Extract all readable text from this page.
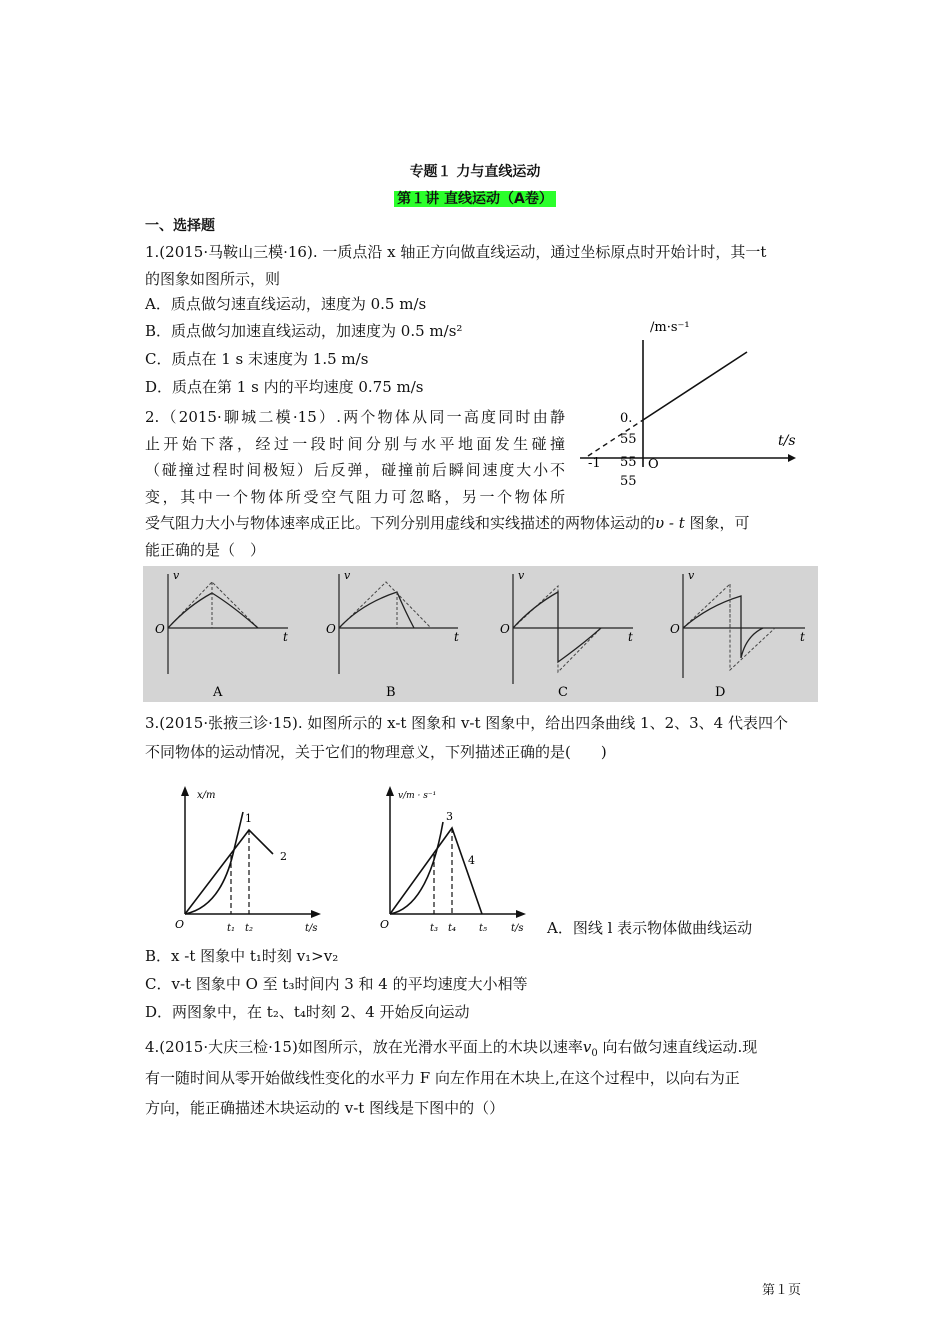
专题１ 力与直线运动
第１讲 直线运动（A卷）
一、选择题
1.(2015·马鞍山三模·16). 一质点沿 x 轴正方向做直线运动，通过坐标原点时开始计时，其一t
的图象如图所示，则
A．质点做匀速直线运动，速度为 0.5 m/s
B．质点做匀加速直线运动，加速度为 0.5 m/s²
C．质点在 1 s 末速度为 1.5 m/s
D．质点在第 1 s 内的平均速度 0.75 m/s
/m·s⁻¹
t/s
0.
55
-1 55 O
55
2.（2015·聊城二模·15）.两个物体从同一高度同时由静
止开始下落，经过一段时间分别与水平地面发生碰撞
（碰撞过程时间极短）后反弹，碰撞前后瞬间速度大小不
变，其中一个物体所受空气阻力可忽略，另一个物体所
受气阻力大小与物体速率成正比。下列分别用虚线和实线描述的两物体运动的υ - t 图象，可
能正确的是（　）
v
O
t
A
v
O
t
B
v
O
t
C
v
O
t
D
3.(2015·张掖三诊·15). 如图所示的 x-t 图象和 v-t 图象中，给出四条曲线 1、2、3、4 代表四个
不同物体的运动情况，关于它们的物理意义，下列描述正确的是(　　)
x/m
1
2
O	t₁ t₂	t/s
v/m · s⁻¹
3
4
O	t₃ t₄ t₅ t/s A．图线 l 表示物体做曲线运动
B．x -t 图象中 t₁时刻 v₁>v₂
C．v-t 图象中 O 至 t₃时间内 3 和 4 的平均速度大小相等
D．两图象中，在 t₂、t₄时刻 2、4 开始反向运动
4.(2015·大庆三检·15)如图所示，放在光滑水平面上的木块以速率$v_0$ 向右做匀速直线运动.现
有一随时间从零开始做线性变化的水平力 F 向左作用在木块上,在这个过程中，以向右为正
方向，能正确描述木块运动的 v-t 图线是下图中的（）
第１页
